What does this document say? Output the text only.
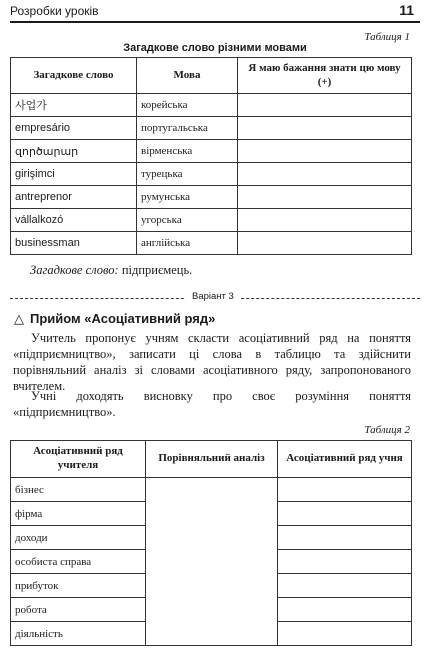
Розробки уроків	11
Таблиця 1
Загадкове слово різними мовами
Загадкове слово	Мова	Я маю бажання знати цю мову (+)
사업가	корейська	
empresário	португальська	
զործարար	вірменська	
girişimci	турецька	
antreprenor	румунська	
vállalkozó	угорська	
businessman	англійська	
Загадкове слово: підприємець.
Варіант 3
△ Прийом «Асоціативний ряд»

Учитель пропонує учням скласти асоціативний ряд на поняття «підприємництво», записати ці слова в таблицю та здійснити порівняльний аналіз зі словами асоціативного ряду, запропонованого вчителем.

Учні доходять висновку про своє розуміння поняття «підприємництво».

Таблиця 2
Асоціативний ряд учителя	Порівняльний аналіз	Асоціативний ряд учня
бізнес		
фірма		
доходи		
особиста справа		
прибуток		
робота		
діяльність		
